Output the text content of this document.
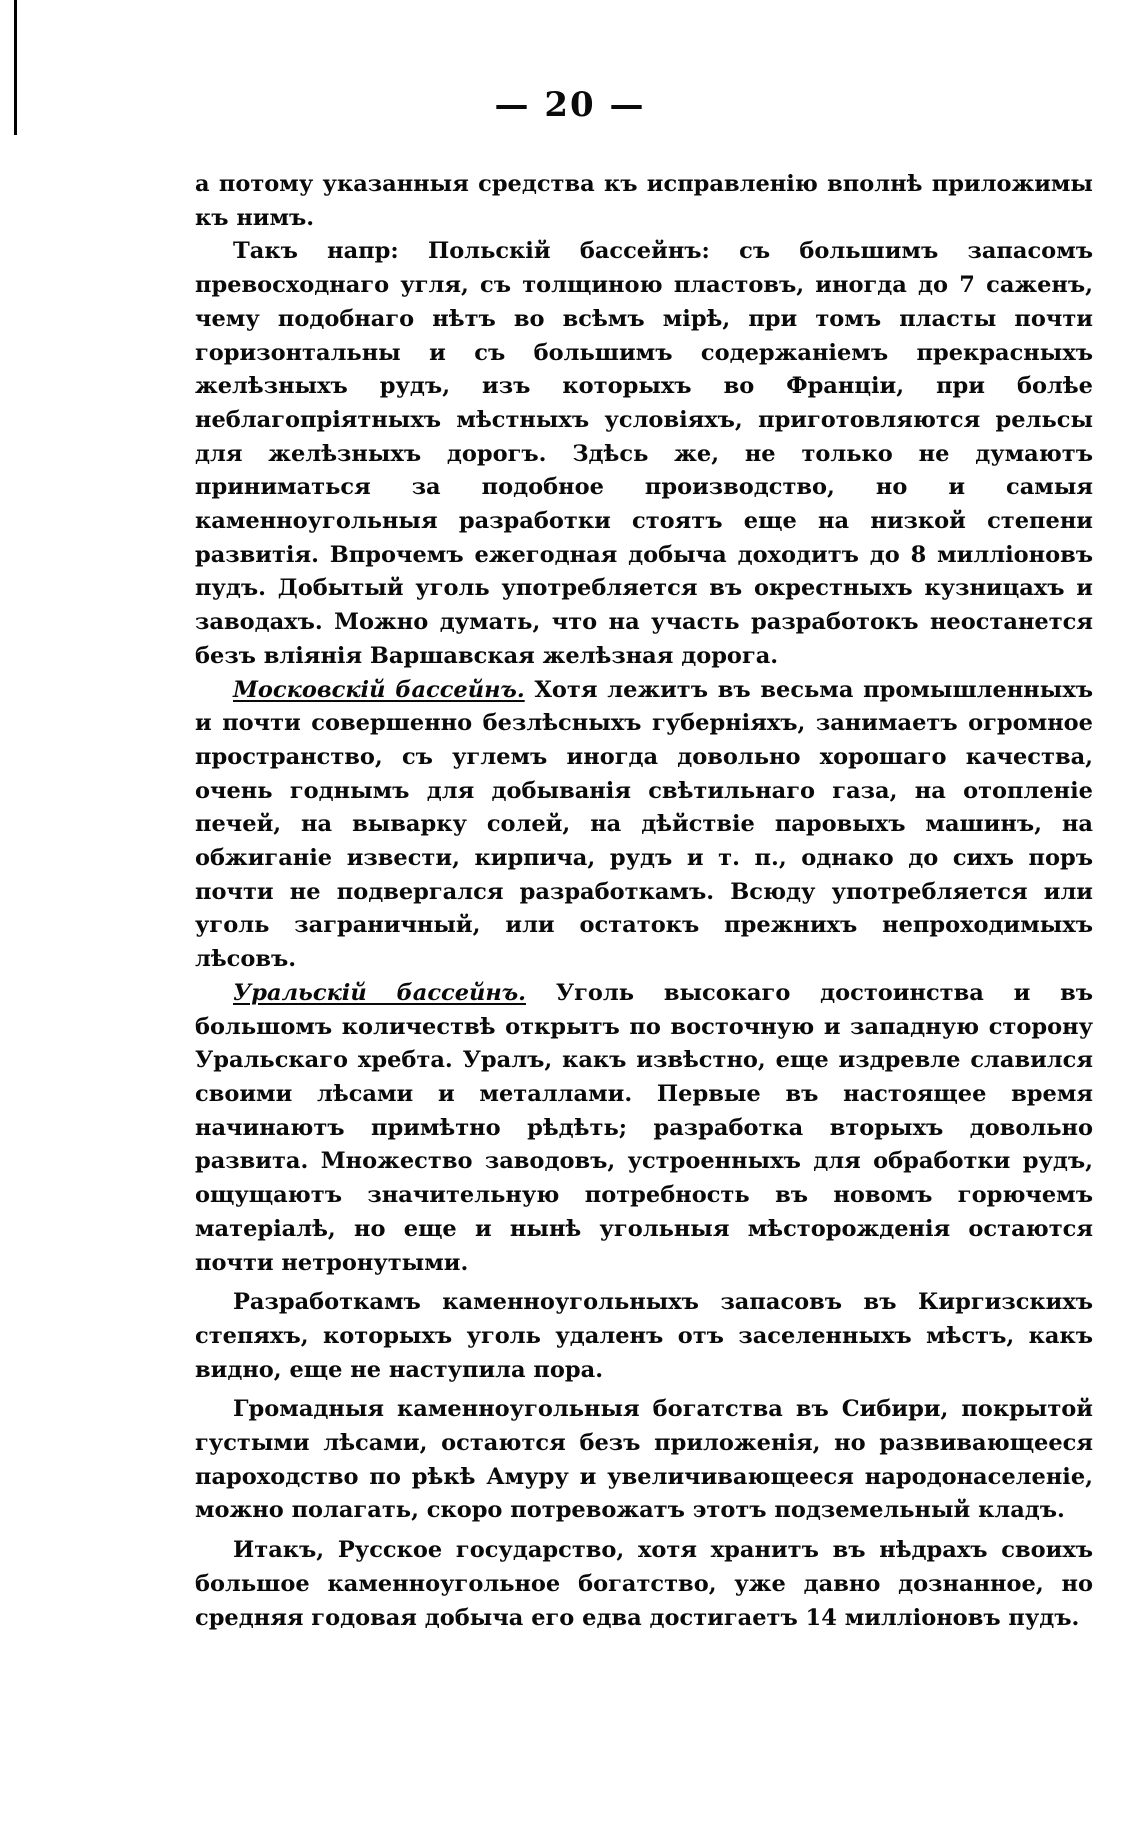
— 20 —

а потому указанныя средства къ исправленію вполнѣ приложимы къ нимъ.

Такъ напр: Польскій бассейнъ: съ большимъ запасомъ превосходнаго угля, съ толщиною пластовъ, иногда до 7 саженъ, чему подобнаго нѣтъ во всѣмъ мірѣ, при томъ пласты почти горизонтальны и съ большимъ содержаніемъ прекрасныхъ желѣзныхъ рудъ, изъ которыхъ во Франціи, при болѣе неблагопріятныхъ мѣстныхъ условіяхъ, приготовляются рельсы для желѣзныхъ дорогъ. Здѣсь же, не только не думаютъ приниматься за подобное производство, но и самыя каменноугольныя разработки стоятъ еще на низкой степени развитія. Впрочемъ ежегодная добыча доходитъ до 8 милліоновъ пудъ. Добытый уголь употребляется въ окрестныхъ кузницахъ и заводахъ. Можно думать, что на участь разработокъ неостанется безъ вліянія Варшавская желѣзная дорога.

Московскій бассейнъ. Хотя лежитъ въ весьма промышленныхъ и почти совершенно безлѣсныхъ губерніяхъ, занимаетъ огромное пространство, съ углемъ иногда довольно хорошаго качества, очень годнымъ для добыванія свѣтильнаго газа, на отопленіе печей, на выварку солей, на дѣйствіе паровыхъ машинъ, на обжиганіе извести, кирпича, рудъ и т. п., однако до сихъ поръ почти не подвергался разработкамъ. Всюду употребляется или уголь заграничный, или остатокъ прежнихъ непроходимыхъ лѣсовъ.

Уральскій бассейнъ. Уголь высокаго достоинства и въ большомъ количествѣ открытъ по восточную и западную сторону Уральскаго хребта. Уралъ, какъ извѣстно, еще издревле славился своими лѣсами и металлами. Первые въ настоящее время начинаютъ примѣтно рѣдѣть; разработка вторыхъ довольно развита. Множество заводовъ, устроенныхъ для обработки рудъ, ощущаютъ значительную потребность въ новомъ горючемъ матеріалѣ, но еще и нынѣ угольныя мѣсторожденія остаются почти нетронутыми.

Разработкамъ каменноугольныхъ запасовъ въ Киргизскихъ степяхъ, которыхъ уголь удаленъ отъ заселенныхъ мѣстъ, какъ видно, еще не наступила пора.

Громадныя каменноугольныя богатства въ Сибири, покрытой густыми лѣсами, остаются безъ приложенія, но развивающееся пароходство по рѣкѣ Амуру и увеличивающееся народонаселеніе, можно полагать, скоро потревожатъ этотъ подземельный кладъ.

Итакъ, Русское государство, хотя хранитъ въ нѣдрахъ своихъ большое каменноугольное богатство, уже давно дознанное, но средняя годовая добыча его едва достигаетъ 14 милліоновъ пудъ.
